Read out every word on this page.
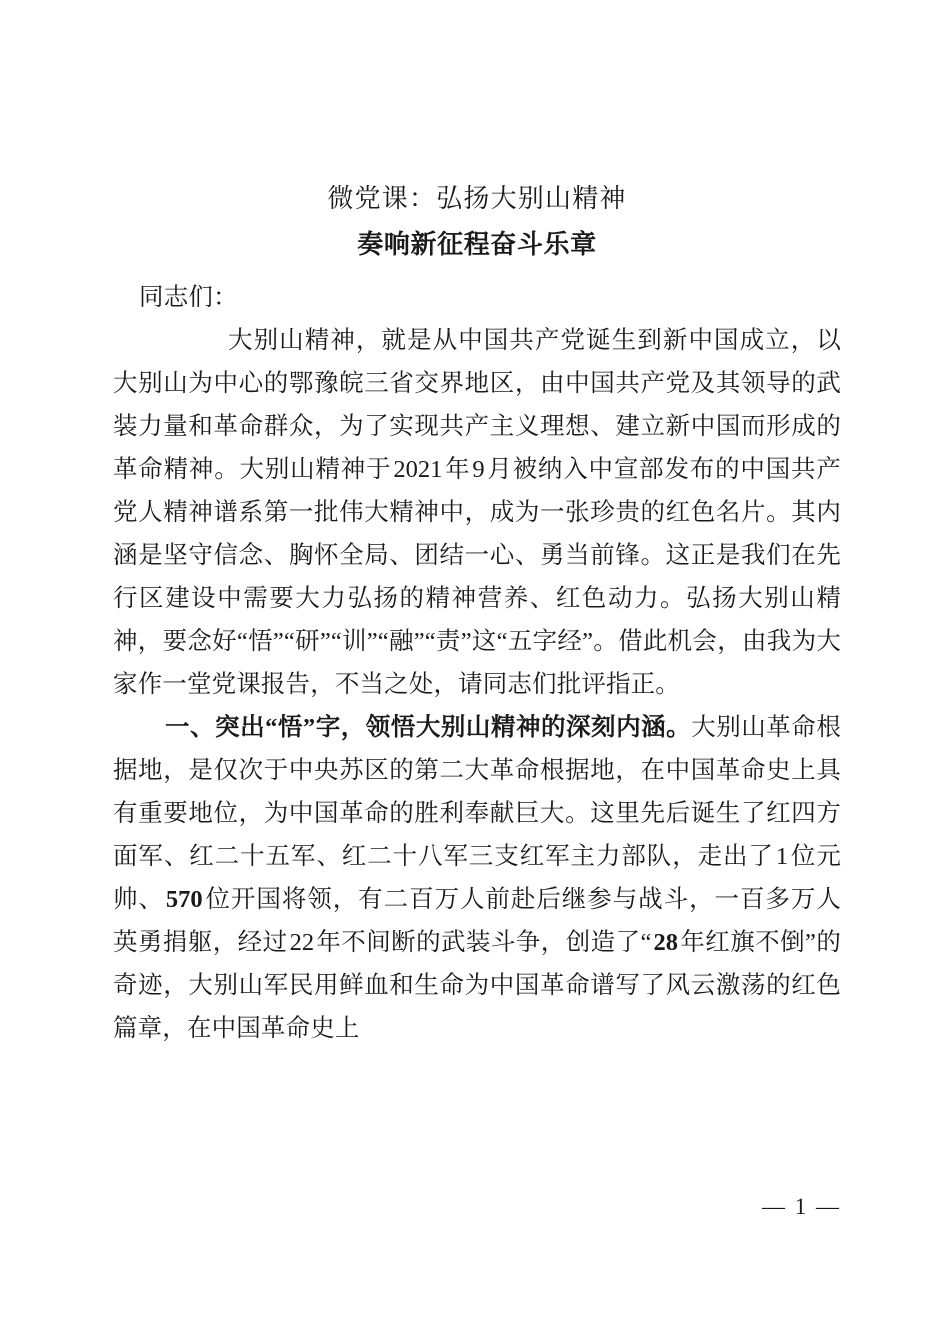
微党课：弘扬大别山精神
奏响新征程奋斗乐章

同志们：

大别山精神，就是从中国共产党诞生到新中国成立，以大别山为中心的鄂豫皖三省交界地区，由中国共产党及其领导的武装力量和革命群众，为了实现共产主义理想、建立新中国而形成的革命精神。大别山精神于2021年9月被纳入中宣部发布的中国共产党人精神谱系第一批伟大精神中，成为一张珍贵的红色名片。其内涵是坚守信念、胸怀全局、团结一心、勇当前锋。这正是我们在先行区建设中需要大力弘扬的精神营养、红色动力。弘扬大别山精神，要念好“悟”“研”“训”“融”“责”这“五字经”。借此机会，由我为大家作一堂党课报告，不当之处，请同志们批评指正。

一、突出“悟”字，领悟大别山精神的深刻内涵。大别山革命根据地，是仅次于中央苏区的第二大革命根据地，在中国革命史上具有重要地位，为中国革命的胜利奉献巨大。这里先后诞生了红四方面军、红二十五军、红二十八军三支红军主力部队，走出了1位元帅、570位开国将领，有二百万人前赴后继参与战斗，一百多万人英勇捐躯，经过22年不间断的武装斗争，创造了“28年红旗不倒”的奇迹，大别山军民用鲜血和生命为中国革命谱写了风云激荡的红色篇章，在中国革命史上

— 1 —
